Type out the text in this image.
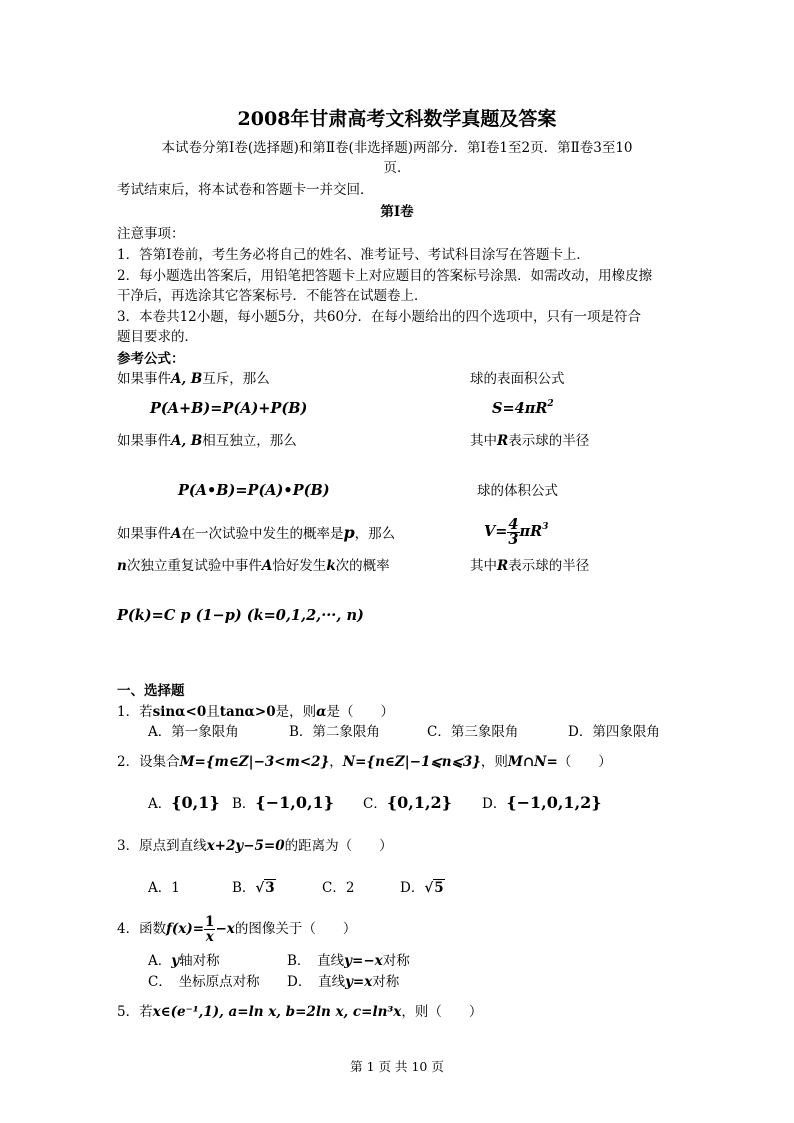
2008年甘肃高考文科数学真题及答案
本试卷分第Ⅰ卷(选择题)和第Ⅱ卷(非选择题)两部分．第Ⅰ卷1至2页．第Ⅱ卷3至10
页．
考试结束后，将本试卷和答题卡一并交回．
第Ⅰ卷
注意事项：
1．答第Ⅰ卷前，考生务必将自己的姓名、准考证号、考试科目涂写在答题卡上．
2．每小题选出答案后，用铅笔把答题卡上对应题目的答案标号涂黑．如需改动，用橡皮擦
干净后，再选涂其它答案标号．不能答在试题卷上．
3．本卷共12小题，每小题5分，共60分．在每小题给出的四个选项中，只有一项是符合
题目要求的．
参考公式：
如果事件A, B互斥，那么	球的表面积公式
P(A+B)=P(A)+P(B)	$S=4\pi R^2$
如果事件A, B相互独立，那么	其中R表示球的半径
P(A•B)=P(A)•P(B)	球的体积公式
如果事件A在一次试验中发生的概率是p，那么	$V= \frac{4}{3} \pi R^3$
n次独立重复试验中事件A恰好发生k次的概率	其中R表示球的半径
P(k)=C p (1−p) (k=0,1,2,···, n)
一、选择题
1．若sinα<0且tanα>0是，则α是（　　）
A．第一象限角	B．第二象限角	C．第三象限角	D．第四象限角
2．设集合M={m∈Z|−3<m<2}，N={n∈Z|−1⩽n⩽3}，则M∩N=（　　）
A．{0,1} B．{−1,0,1} C．{0,1,2} D．{−1,0,1,2}
3．原点到直线x+2y−5=0的距离为（　　）
A．1	B．√3	C．2	D．√5
4．函数$f(x)= \frac{1}{x} -x$的图像关于（　　）
A．y轴对称	B．　直线y=−x对称
C．　坐标原点对称 D．　直线y=x对称
5．若x∈(e⁻¹,1), a=ln x, b=2ln x, c=ln³x，则（　　）
第 1 页 共 10 页
